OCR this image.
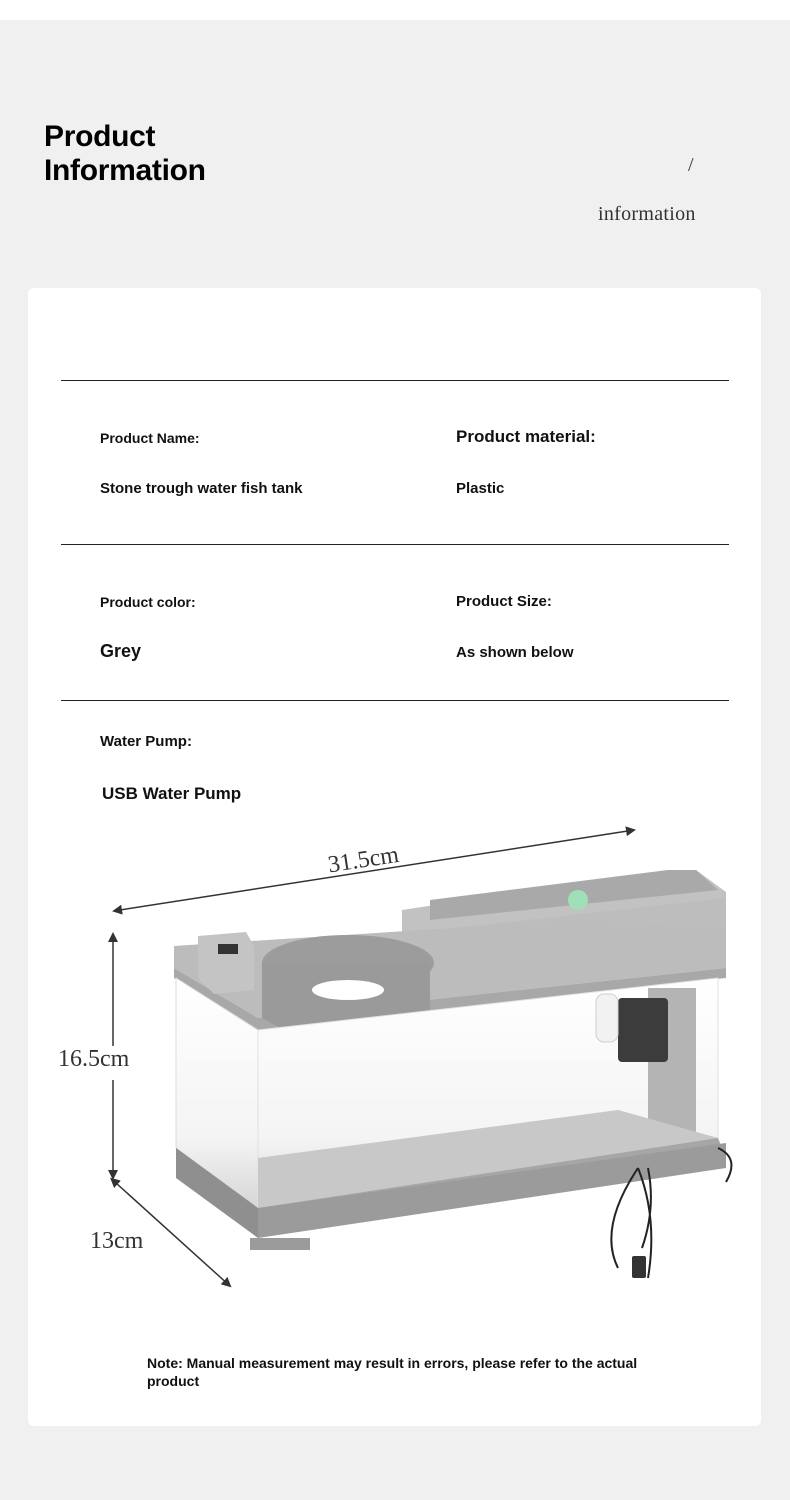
Product
Information	/
information
Product Name:
Stone trough water fish tank
Product material:
Plastic
Product color:
Grey
Product Size:
As shown below
Water Pump:
USB Water Pump
31.5cm
16.5cm
13cm
Note: Manual measurement may result in errors, please refer to the actual product
